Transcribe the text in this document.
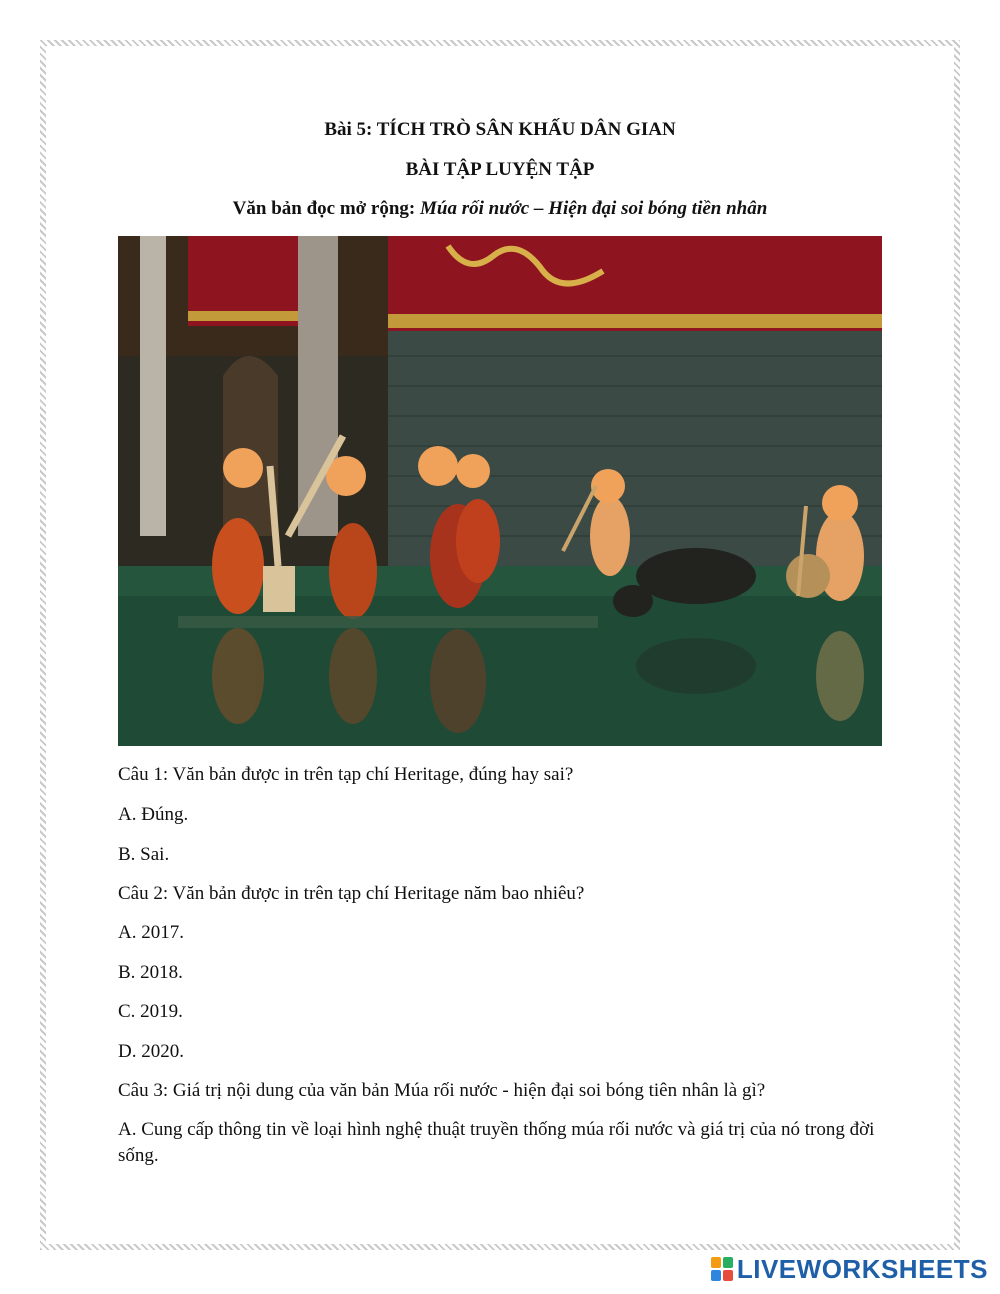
Bài 5: TÍCH TRÒ SÂN KHẤU DÂN GIAN
BÀI TẬP LUYỆN TẬP

Văn bản đọc mở rộng: Múa rối nước – Hiện đại soi bóng tiền nhân

Câu 1: Văn bản được in trên tạp chí Heritage, đúng hay sai?

A. Đúng.

B. Sai.

Câu 2: Văn bản được in trên tạp chí Heritage năm bao nhiêu?

A. 2017.

B. 2018.

C. 2019.

D. 2020.

Câu 3: Giá trị nội dung của văn bản Múa rối nước - hiện đại soi bóng tiên nhân là gì?

A. Cung cấp thông tin về loại hình nghệ thuật truyền thống múa rối nước và giá trị của nó trong đời sống.

LIVEWORKSHEETS
